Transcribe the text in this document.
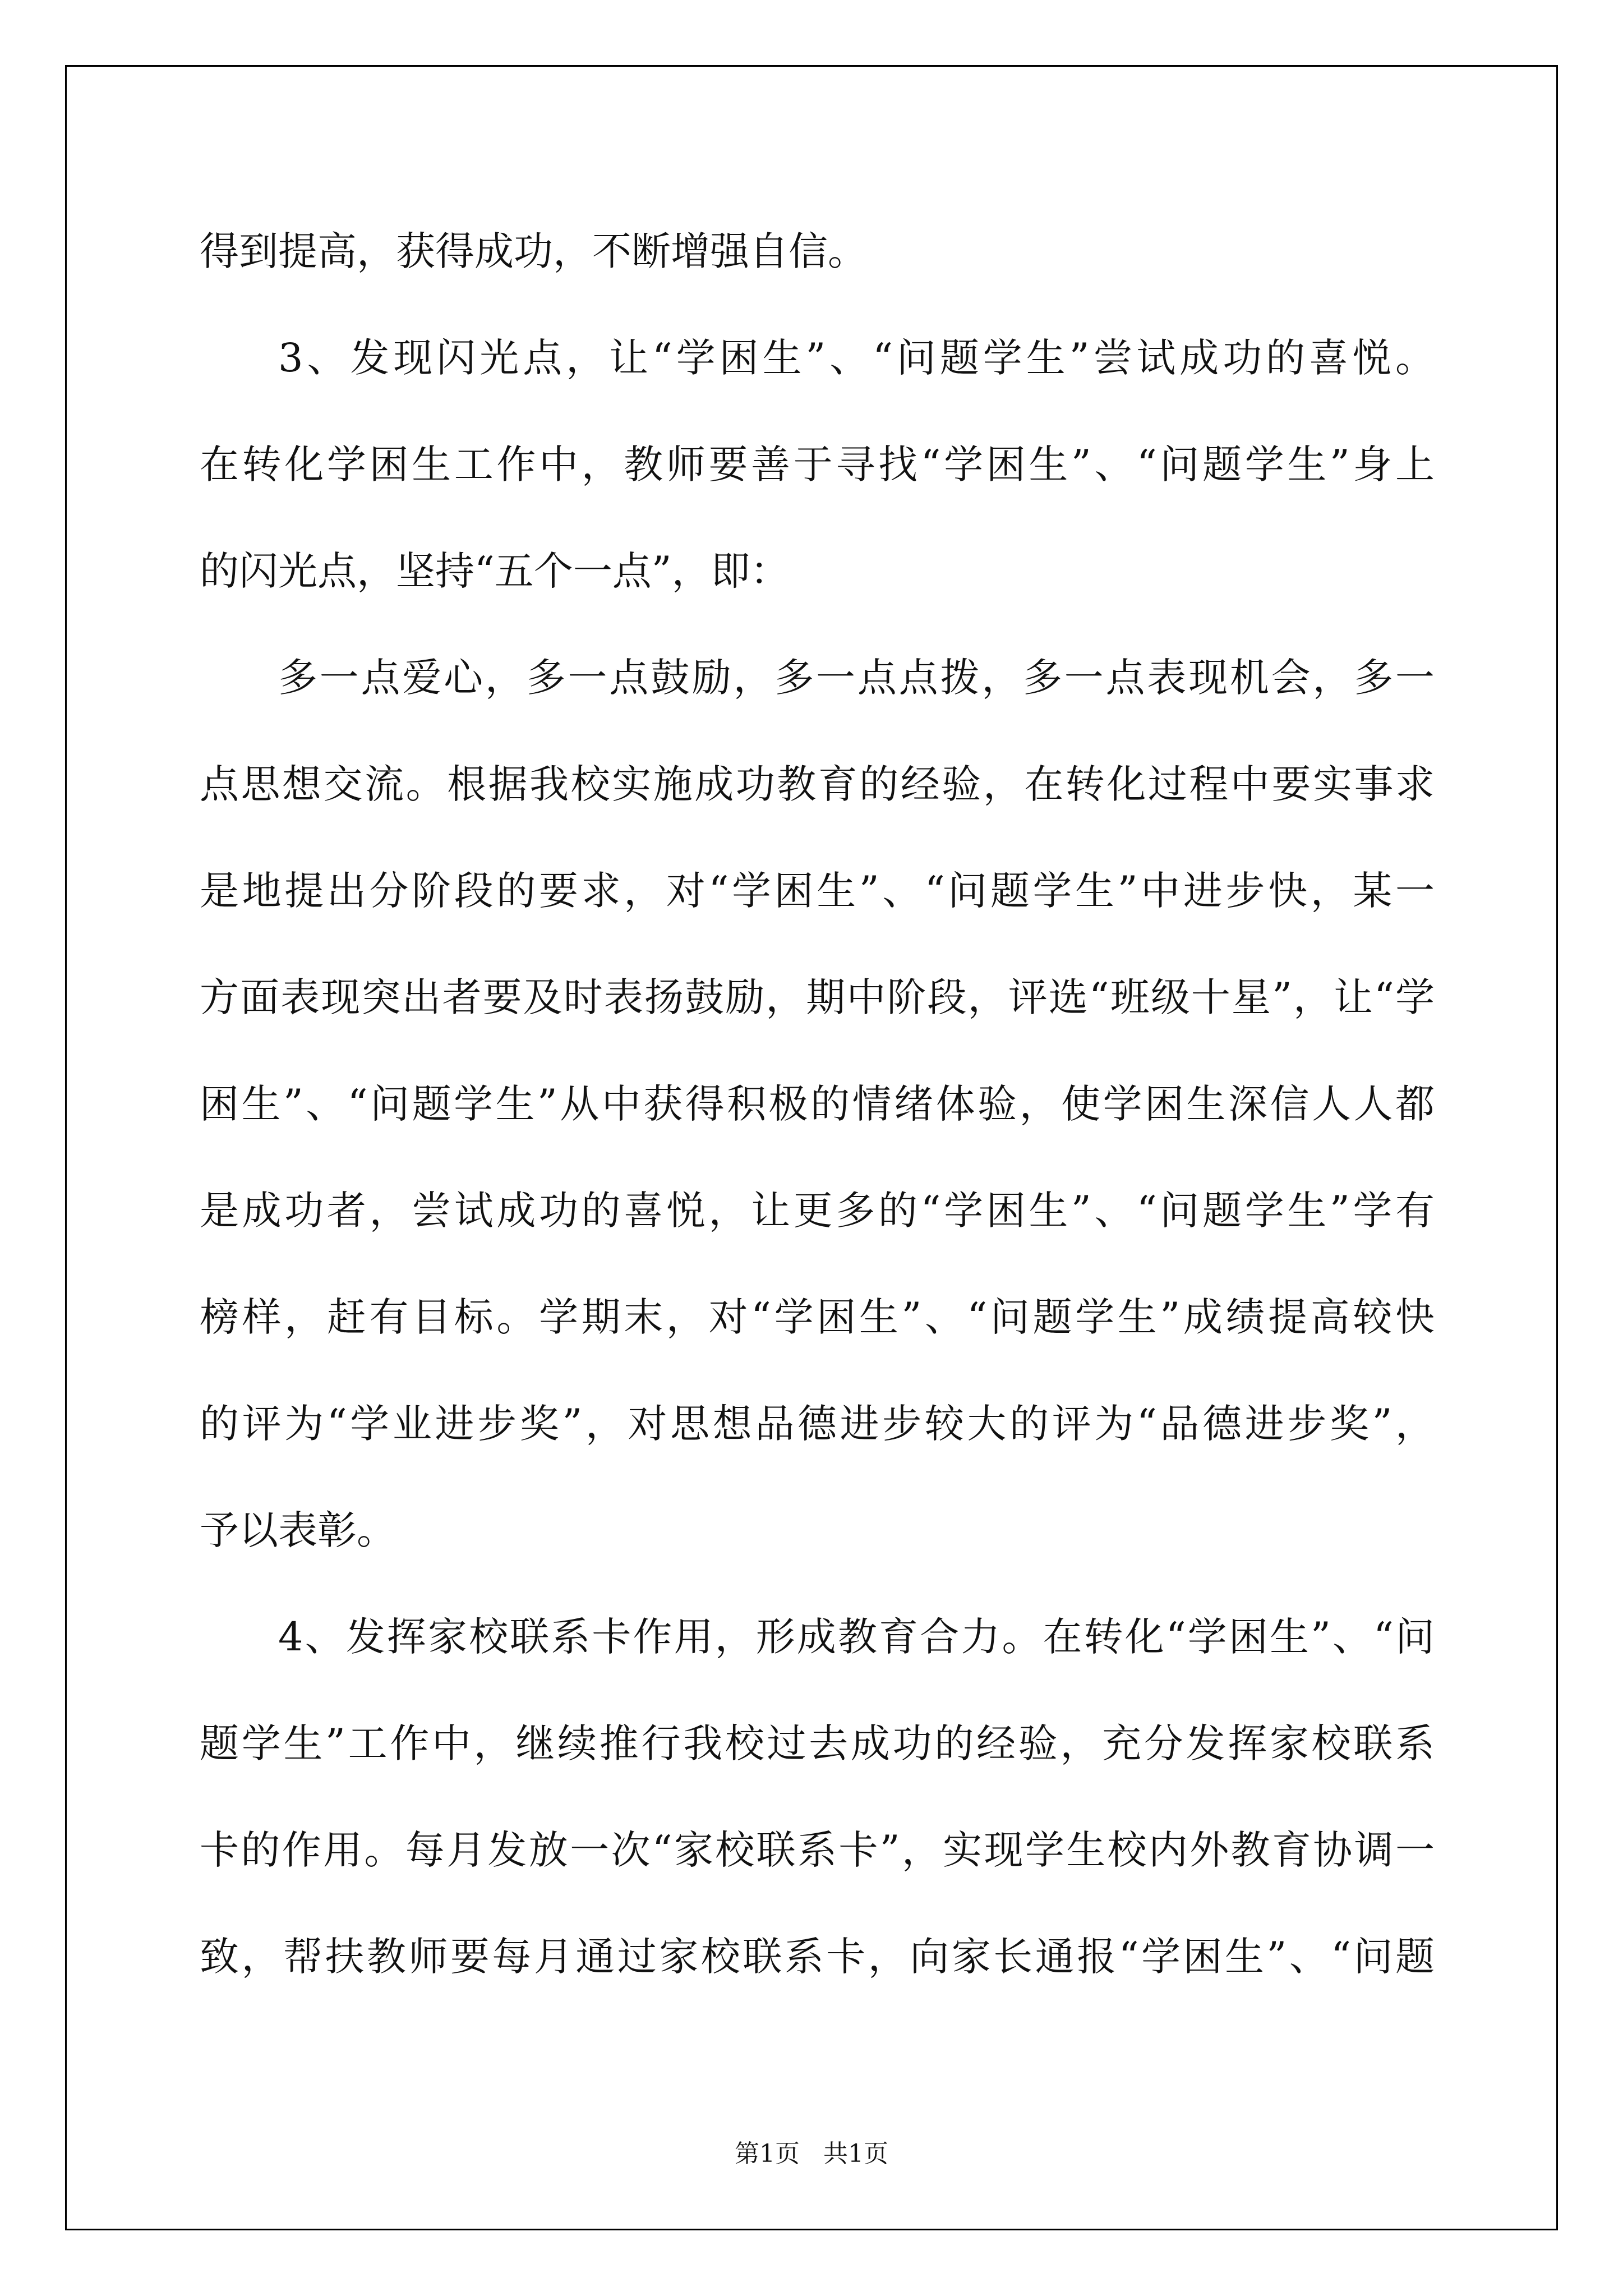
得到提高，获得成功，不断增强自信。
3、发现闪光点，让“学困生”、“问题学生”尝试成功的喜悦。
在转化学困生工作中，教师要善于寻找“学困生”、“问题学生”身上
的闪光点，坚持“五个一点”，即：
多一点爱心，多一点鼓励，多一点点拨，多一点表现机会，多一
点思想交流。根据我校实施成功教育的经验，在转化过程中要实事求
是地提出分阶段的要求，对“学困生”、“问题学生”中进步快，某一
方面表现突出者要及时表扬鼓励，期中阶段，评选“班级十星”，让“学
困生”、“问题学生”从中获得积极的情绪体验，使学困生深信人人都
是成功者，尝试成功的喜悦，让更多的“学困生”、“问题学生”学有
榜样，赶有目标。学期末，对“学困生”、“问题学生”成绩提高较快
的评为“学业进步奖”，对思想品德进步较大的评为“品德进步奖”，
予以表彰。
4、发挥家校联系卡作用，形成教育合力。在转化“学困生”、“问
题学生”工作中，继续推行我校过去成功的经验，充分发挥家校联系
卡的作用。每月发放一次“家校联系卡”，实现学生校内外教育协调一
致，帮扶教师要每月通过家校联系卡，向家长通报“学困生”、“问题
第1页   共1页
